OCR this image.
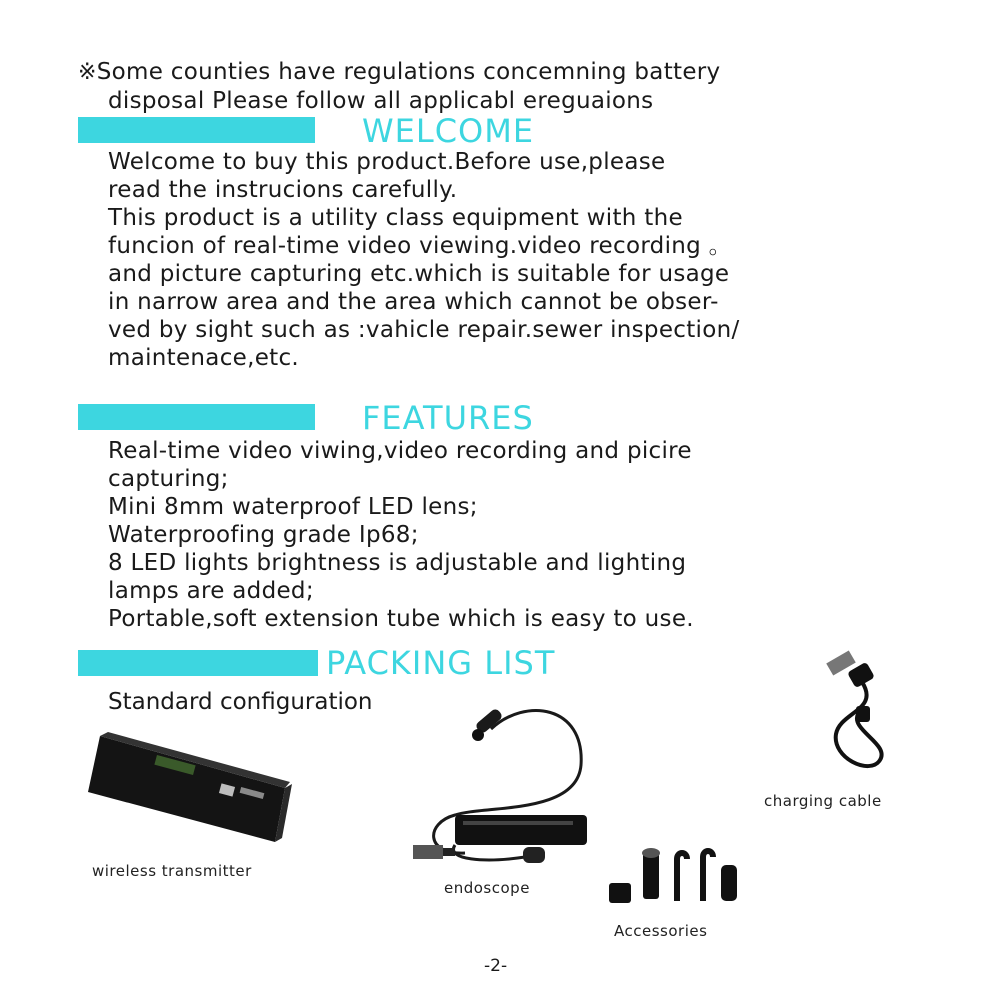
※Some counties have regulations concemning battery
disposal Please follow all applicabl ereguaions
WELCOME
Welcome to buy this product.Before use,please
read the instrucions carefully.
This product is a utility class equipment with the
funcion of real-time video viewing.video recording 。
and picture capturing etc.which is suitable for usage
in narrow area and the area which cannot be obser-
ved by sight such as :vahicle repair.sewer inspection/
maintenace,etc.
FEATURES
Real-time video viwing,video recording and picire
capturing;
Mini 8mm waterproof LED lens;
Waterproofing grade Ip68;
8 LED lights brightness is adjustable and lighting
lamps are added;
Portable,soft extension tube which is easy to use.
PACKING LIST
Standard configuration
wireless transmitter
endoscope
charging cable
Accessories
-2-
